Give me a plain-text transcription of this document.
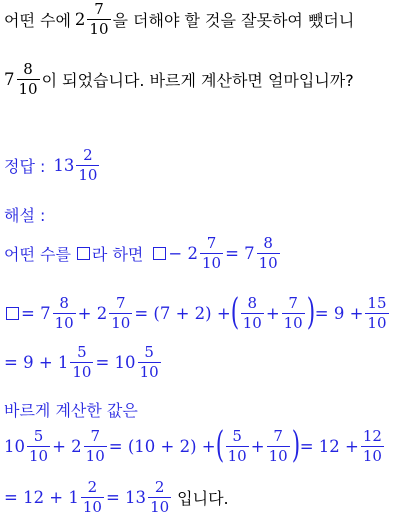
어떤 수에 $2 \frac{7}{10}$ 을 더해야 할 것을 잘못하여 뺐더니
$7 \frac{8}{10}$ 이 되었습니다. 바르게 계산하면 얼마입니까?
정답 : $13 \frac{2}{10}$
해설 :
어떤 수를 라 하면 − $2 \frac{7}{10} = 7 \frac{8}{10}$
= $7 \frac{8}{10} + 2 \frac{7}{10} = (7 + 2)$ + ( $\frac{8}{10} + \frac{7}{10}$ ) = $9 + \frac{15}{10}$
= $9 + 1 \frac{5}{10} = 10 \frac{5}{10}$
바르게 계산한 값은
$10 \frac{5}{10} + 2 \frac{7}{10} = (10 + 2)$ + ( $\frac{5}{10} + \frac{7}{10}$ ) = $12 + \frac{12}{10}$
= $12 + 1 \frac{2}{10} = 13 \frac{2}{10}$ 입니다.
